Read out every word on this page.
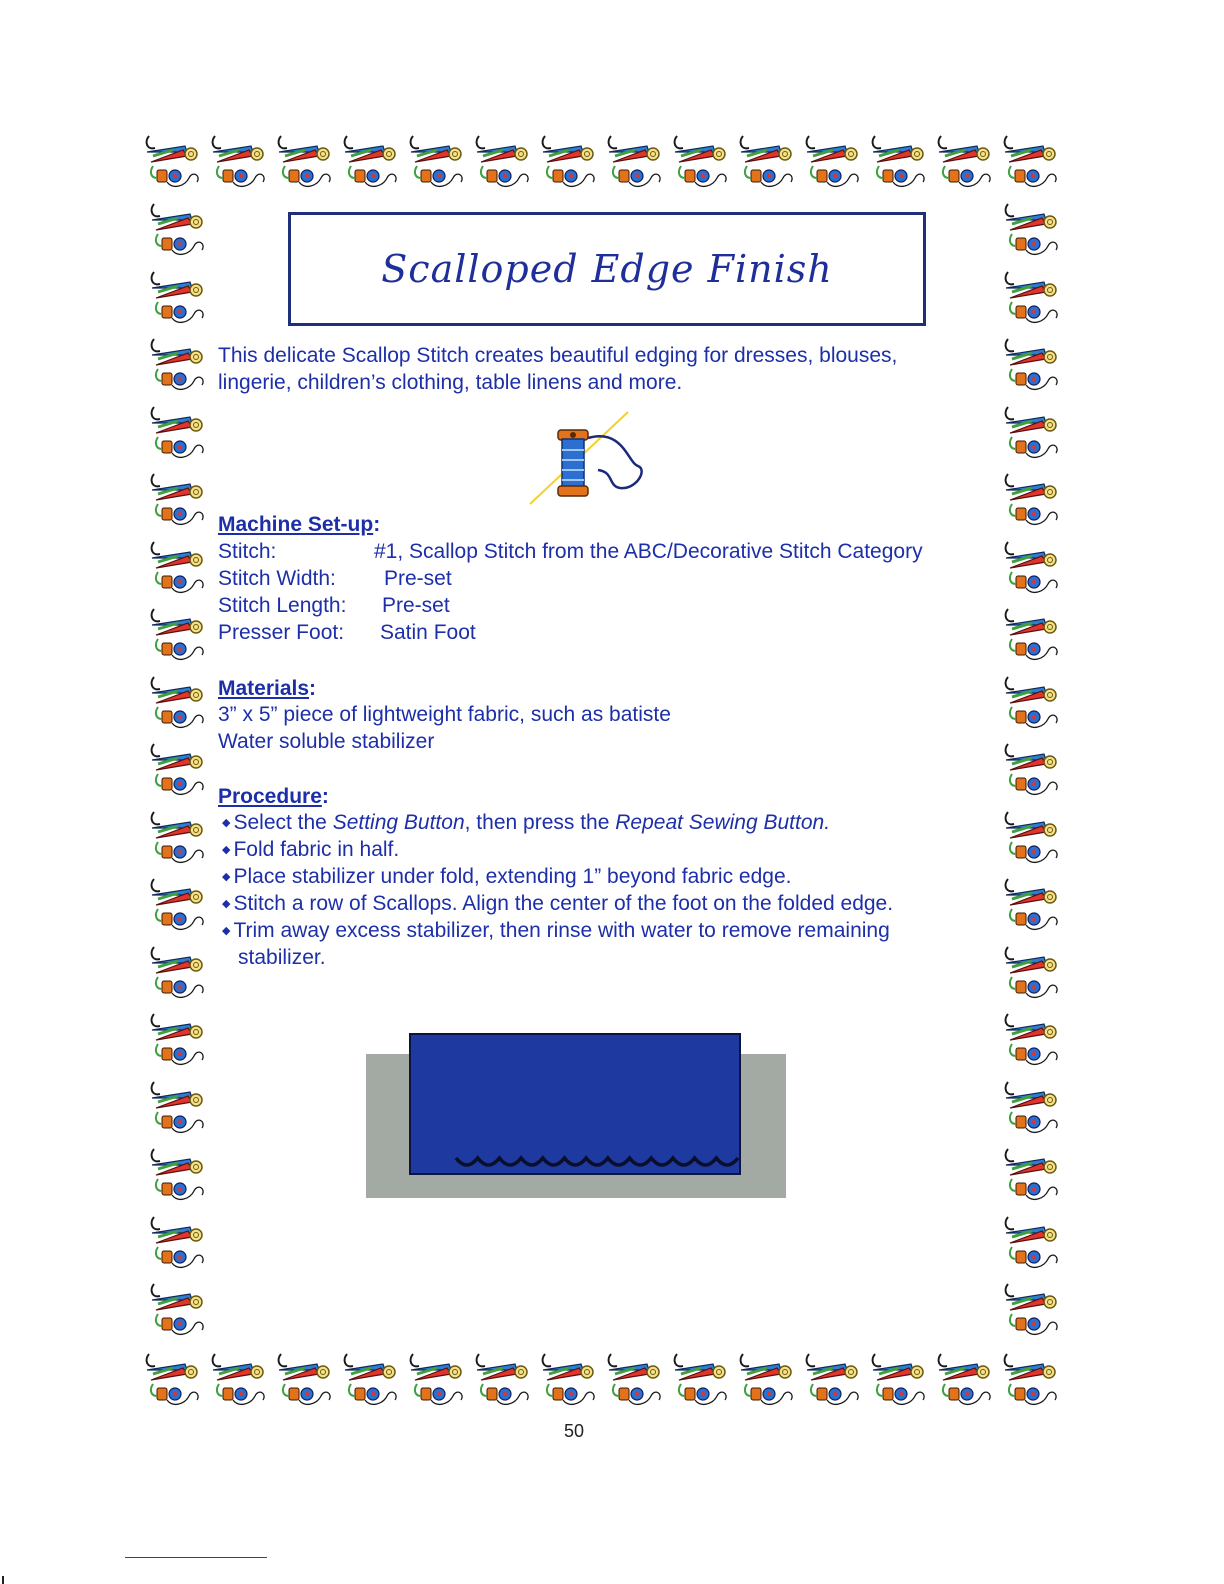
Scalloped Edge Finish
This delicate Scallop Stitch creates beautiful edging for dresses, blouses,
lingerie, children’s clothing, table linens and more.
Machine Set-up:
Stitch:	#1, Scallop Stitch from the ABC/Decorative Stitch Category
Stitch Width: Pre-set
Stitch Length: Pre-set
Presser Foot: Satin Foot
Materials:
3” x 5” piece of lightweight fabric, such as batiste
Water soluble stabilizer
Procedure:
◆ Select the Setting Button, then press the Repeat Sewing Button.
◆ Fold fabric in half.
◆ Place stabilizer under fold, extending 1” beyond fabric edge.
◆ Stitch a row of Scallops. Align the center of the foot on the folded edge.
◆ Trim away excess stabilizer, then rinse with water to remove remaining
stabilizer.
50
